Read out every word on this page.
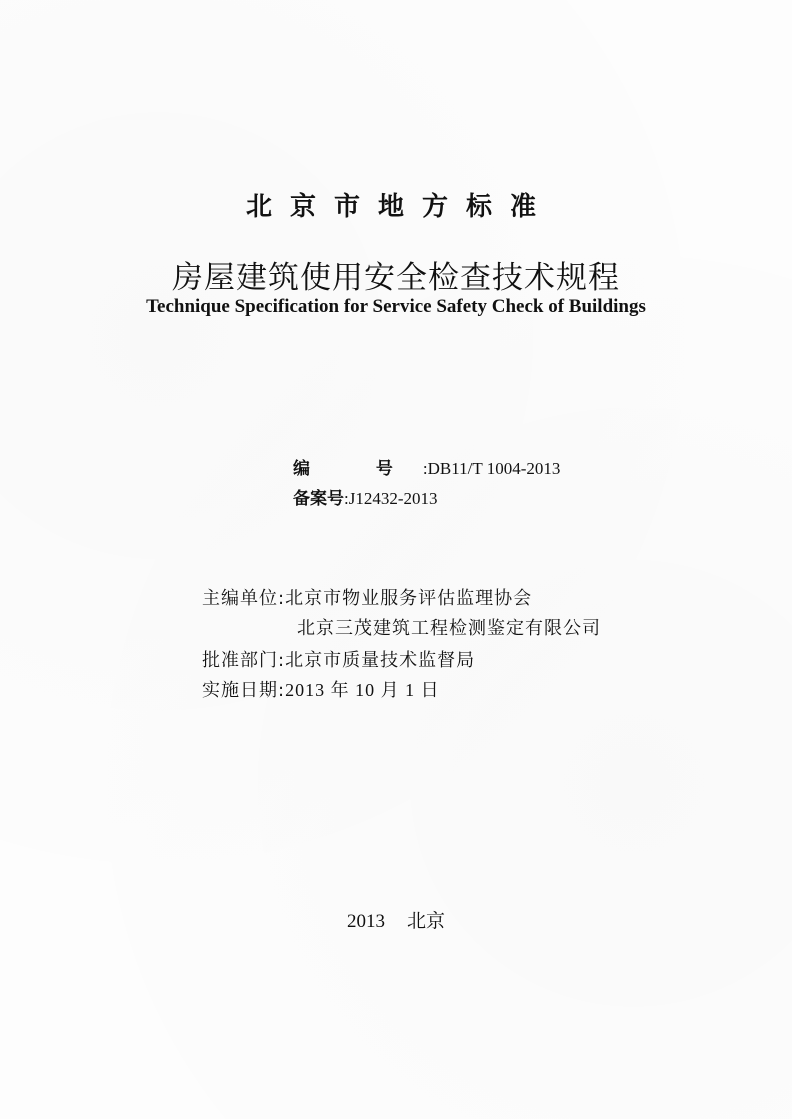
北京市地方标准
房屋建筑使用安全检查技术规程
Technique Specification for Service Safety Check of Buildings
编 号:DB11/T 1004-2013
备案号:J12432-2013
主编单位:北京市物业服务评估监理协会
北京三茂建筑工程检测鉴定有限公司
批准部门:北京市质量技术监督局
实施日期:2013 年 10 月 1 日
2013 北京
